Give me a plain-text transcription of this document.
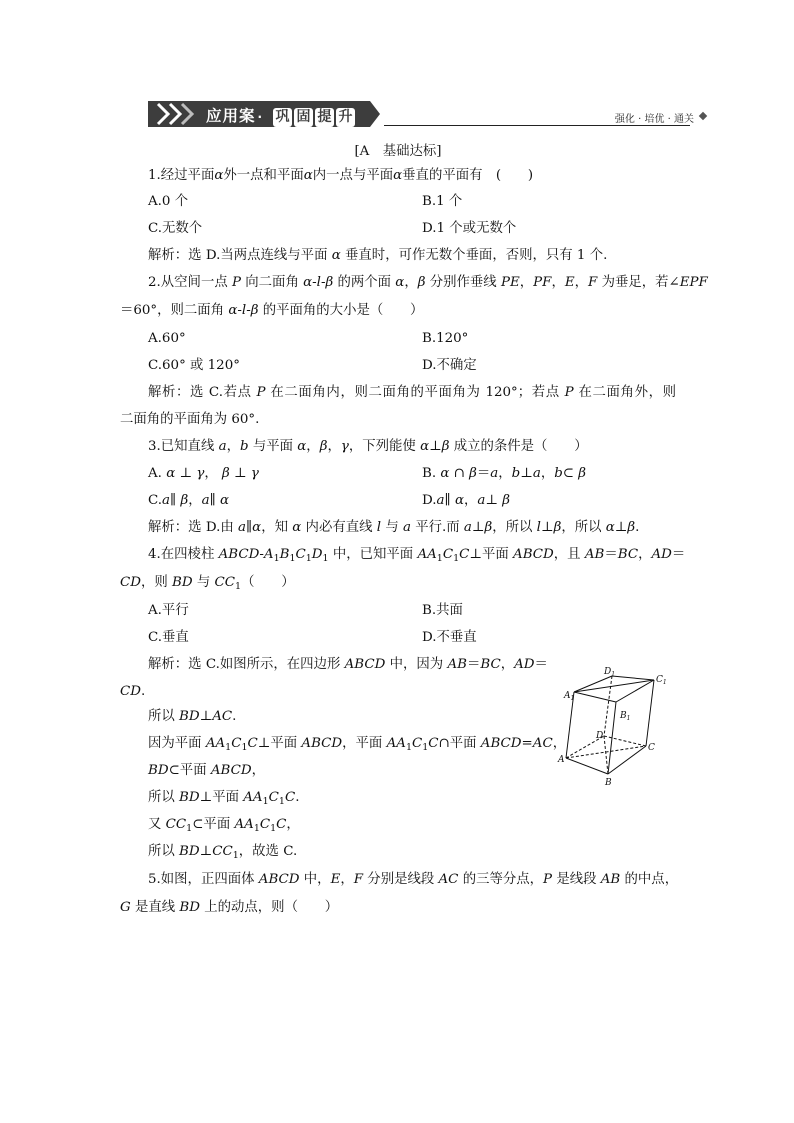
应用案 · 巩 固 提 升	强化 · 培优 · 通关
[A　基础达标]
1.经过平面α外一点和平面α内一点与平面α垂直的平面有　(　　)
A.0 个	B.1 个
C.无数个	D.1 个或无数个
解析：选 D.当两点连线与平面 α 垂直时，可作无数个垂面，否则，只有 1 个.
2.从空间一点 P 向二面角 α-l-β 的两个面 α，β 分别作垂线 PE，PF，E，F 为垂足，若∠EPF
＝60°，则二面角 α-l-β 的平面角的大小是（　　）
A.60°	B.120°
C.60° 或 120°	D.不确定
解析：选 C.若点 P 在二面角内，则二面角的平面角为 120°；若点 P 在二面角外，则
二面角的平面角为 60°.
3.已知直线 a，b 与平面 α，β，γ，下列能使 α⊥β 成立的条件是（　　）
A. α ⊥ γ， β ⊥ γ	B. α ∩ β＝a，b⊥a，b⊂ β
C.a∥ β，a∥ α	D.a∥ α，a⊥ β
解析：选 D.由 a∥α，知 α 内必有直线 l 与 a 平行.而 a⊥β，所以 l⊥β，所以 α⊥β.
4.在四棱柱 ABCD-$A_1B_1C_1D_1$ 中，已知平面 $AA_1C_1C\perp$平面 ABCD，且 AB＝BC，AD＝
CD，则 BD 与 $CC_1$（　　）
A.平行	B.共面
C.垂直	D.不垂直
解析：选 C.如图所示，在四边形 ABCD 中，因为 AB＝BC，AD＝
CD.
所以 BD⊥AC.
因为平面 $AA_1C_1C\perp$平面 ABCD，平面 $AA_1C_1C\cap$平面 ABCD=AC，
BD⊂平面 ABCD，
所以 BD⊥平面 $AA_1C_1C$.
又 $CC_1\subset$平面 $AA_1C_1C$，
所以 $BD\perp CC_1$，故选 C.
$D_1$
$C_1$
$A_1$
$B_1$
D
C
A
B
5.如图，正四面体 ABCD 中，E，F 分别是线段 AC 的三等分点，P 是线段 AB 的中点，
G 是直线 BD 上的动点，则（　　）
